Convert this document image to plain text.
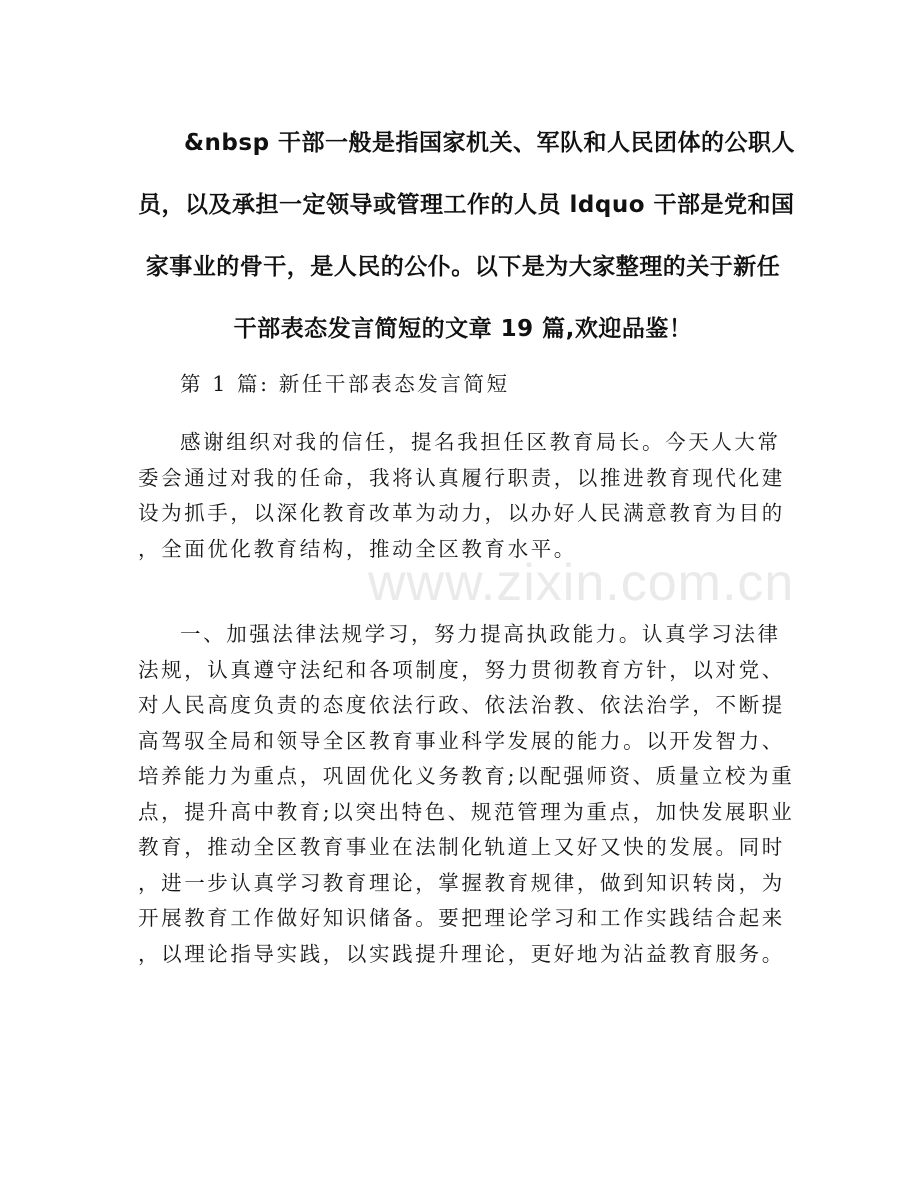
&nbsp 干部一般是指国家机关、军队和人民团体的公职人
员，以及承担一定领导或管理工作的人员 ldquo 干部是党和国
家事业的骨干，是人民的公仆。以下是为大家整理的关于新任
干部表态发言简短的文章 19 篇,欢迎品鉴！
第 1 篇: 新任干部表态发言简短
感谢组织对我的信任，提名我担任区教育局长。今天人大常
委会通过对我的任命，我将认真履行职责，以推进教育现代化建
设为抓手，以深化教育改革为动力，以办好人民满意教育为目的
，全面优化教育结构，推动全区教育水平。
www.zixin.com.cn
一、加强法律法规学习，努力提高执政能力。认真学习法律
法规，认真遵守法纪和各项制度，努力贯彻教育方针，以对党、
对人民高度负责的态度依法行政、依法治教、依法治学，不断提
高驾驭全局和领导全区教育事业科学发展的能力。以开发智力、
培养能力为重点，巩固优化义务教育;以配强师资、质量立校为重
点，提升高中教育;以突出特色、规范管理为重点，加快发展职业
教育，推动全区教育事业在法制化轨道上又好又快的发展。同时
，进一步认真学习教育理论，掌握教育规律，做到知识转岗，为
开展教育工作做好知识储备。要把理论学习和工作实践结合起来
，以理论指导实践，以实践提升理论，更好地为沾益教育服务。
